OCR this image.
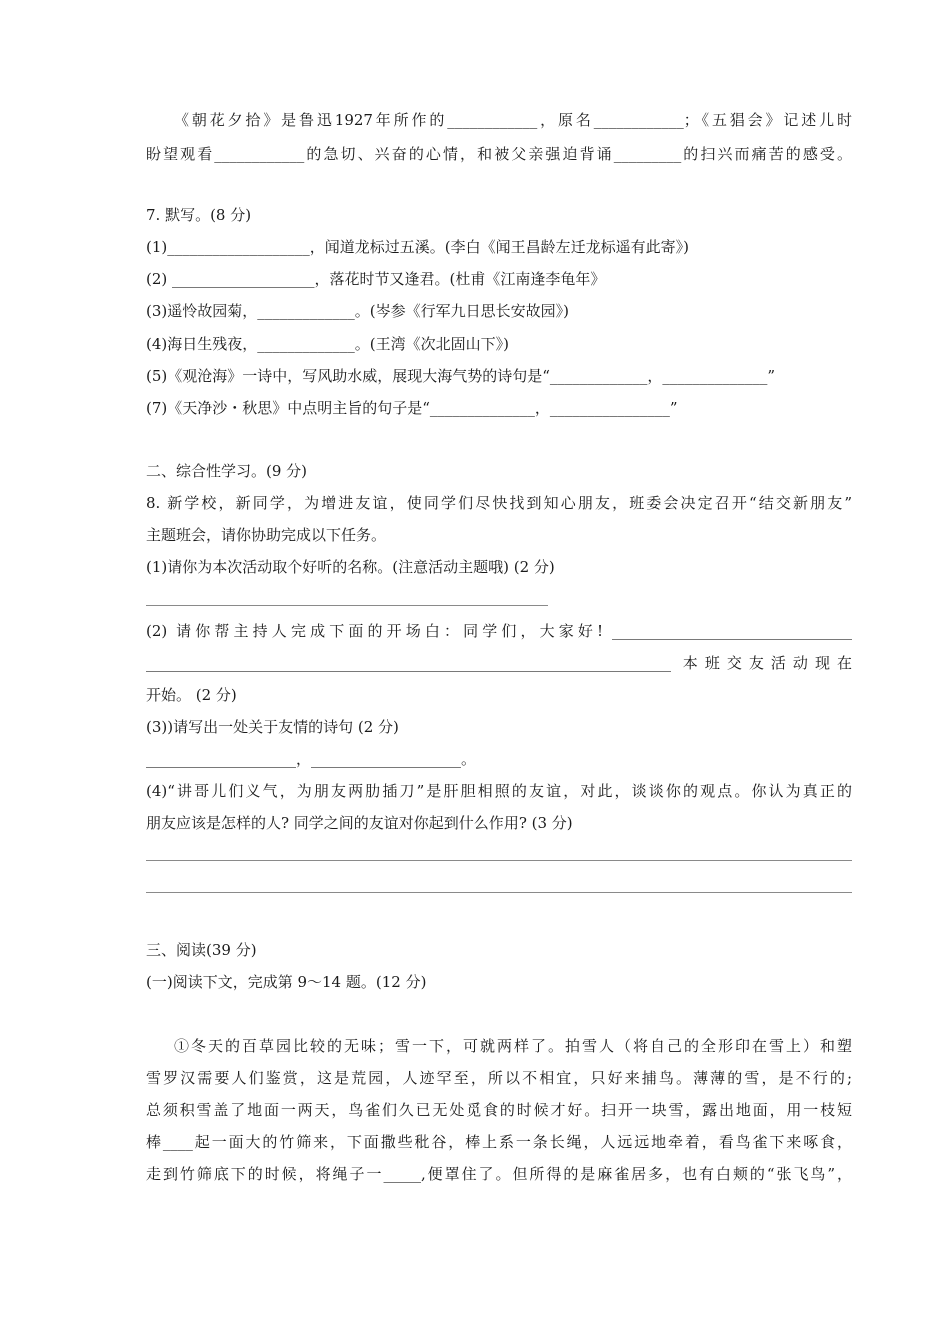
《朝花夕拾》是鲁迅1927年所作的____________，原名____________；《五猖会》记述儿时
盼望观看____________的急切、兴奋的心情，和被父亲强迫背诵_________的扫兴而痛苦的感受。
7. 默写。(8 分)
(1)___________________，闻道龙标过五溪。(李白《闻王昌龄左迁龙标遥有此寄》)
(2) ___________________，落花时节又逢君。(杜甫《江南逢李龟年》
(3)遥怜故园菊，_____________。(岑参《行军九日思长安故园》)
(4)海日生残夜，_____________。(王湾《次北固山下》)
(5)《观沧海》一诗中，写风助水威，展现大海气势的诗句是“_____________，______________”
(7)《天净沙・秋思》中点明主旨的句子是“______________，________________”
二、综合性学习。(9 分)
8. 新学校，新同学，为增进友谊，使同学们尽快找到知心朋友，班委会决定召开“结交新朋友”
主题班会，请你协助完成以下任务。
(1)请你为本次活动取个好听的名称。(注意活动主题哦) (2 分)
(2) 请你帮主持人完成下面的开场白：同学们，大家好! ________________________________
______________________________________________________________________ 本班交友活动现在
开始。 (2 分)
(3))请写出一处关于友情的诗句 (2 分)
____________________，____________________。
(4)“讲哥儿们义气，为朋友两肋插刀”是肝胆相照的友谊，对此，谈谈你的观点。你认为真正的
朋友应该是怎样的人? 同学之间的友谊对你起到什么作用? (3 分)
三、阅读(39 分)
(一)阅读下文，完成第 9～14 题。(12 分)
①冬天的百草园比较的无味；雪一下，可就两样了。拍雪人（将自己的全形印在雪上）和塑
雪罗汉需要人们鉴赏，这是荒园，人迹罕至，所以不相宜，只好来捕鸟。薄薄的雪，是不行的;
总须积雪盖了地面一两天，鸟雀们久已无处觅食的时候才好。扫开一块雪，露出地面，用一枝短
棒____起一面大的竹筛来，下面撒些秕谷，棒上系一条长绳，人远远地牵着，看鸟雀下来啄食，
走到竹筛底下的时候，将绳子一_____,便罩住了。但所得的是麻雀居多，也有白颊的“张飞鸟”，
